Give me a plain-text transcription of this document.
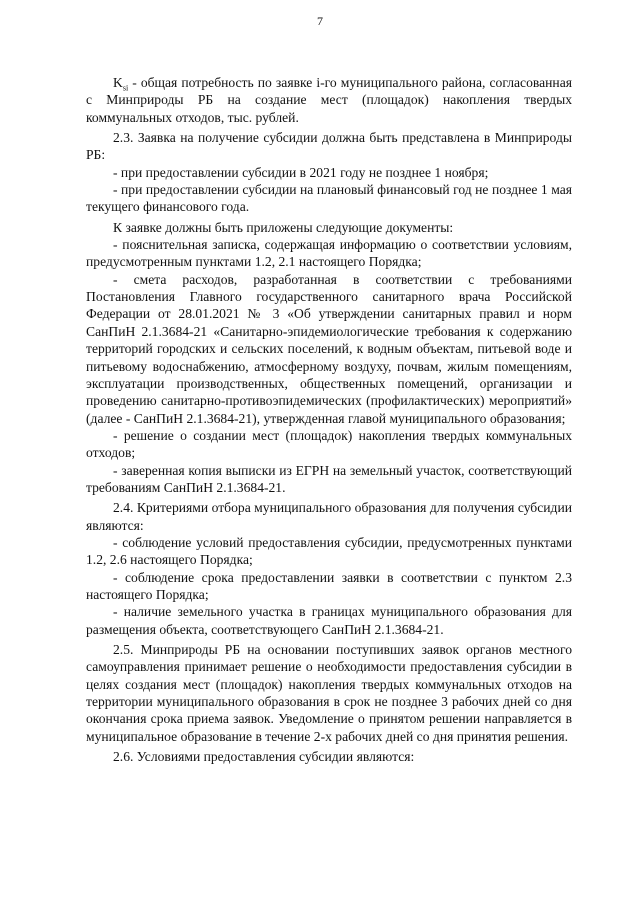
7

$K_{si}$ - общая потребность по заявке i-го муниципального района, согласованная с Минприроды РБ на создание мест (площадок) накопления твердых коммунальных отходов, тыс. рублей.

2.3. Заявка на получение субсидии должна быть представлена в Минприроды РБ:

- при предоставлении субсидии в 2021 году не позднее 1 ноября;

- при предоставлении субсидии на плановый финансовый год не позднее 1 мая текущего финансового года.

К заявке должны быть приложены следующие документы:

- пояснительная записка, содержащая информацию о соответствии условиям, предусмотренным пунктами 1.2, 2.1 настоящего Порядка;

- смета расходов, разработанная в соответствии с требованиями Постановления Главного государственного санитарного врача Российской Федерации от 28.01.2021 № 3 «Об утверждении санитарных правил и норм СанПиН 2.1.3684-21 «Санитарно-эпидемиологические требования к содержанию территорий городских и сельских поселений, к водным объектам, питьевой воде и питьевому водоснабжению, атмосферному воздуху, почвам, жилым помещениям, эксплуатации производственных, общественных помещений, организации и проведению санитарно-противоэпидемических (профилактических) мероприятий» (далее - СанПиН 2.1.3684-21), утвержденная главой муниципального образования;

- решение о создании мест (площадок) накопления твердых коммунальных отходов;

- заверенная копия выписки из ЕГРН на земельный участок, соответствующий требованиям СанПиН 2.1.3684-21.

2.4. Критериями отбора муниципального образования для получения субсидии являются:

- соблюдение условий предоставления субсидии, предусмотренных пунктами 1.2, 2.6 настоящего Порядка;

- соблюдение срока предоставлении заявки в соответствии с пунктом 2.3 настоящего Порядка;

- наличие земельного участка в границах муниципального образования для размещения объекта, соответствующего СанПиН 2.1.3684-21.

2.5. Минприроды РБ на основании поступивших заявок органов местного самоуправления принимает решение о необходимости предоставления субсидии в целях создания мест (площадок) накопления твердых коммунальных отходов на территории муниципального образования в срок не позднее 3 рабочих дней со дня окончания срока приема заявок. Уведомление о принятом решении направляется в муниципальное образование в течение 2-х рабочих дней со дня принятия решения.

2.6. Условиями предоставления субсидии являются:
